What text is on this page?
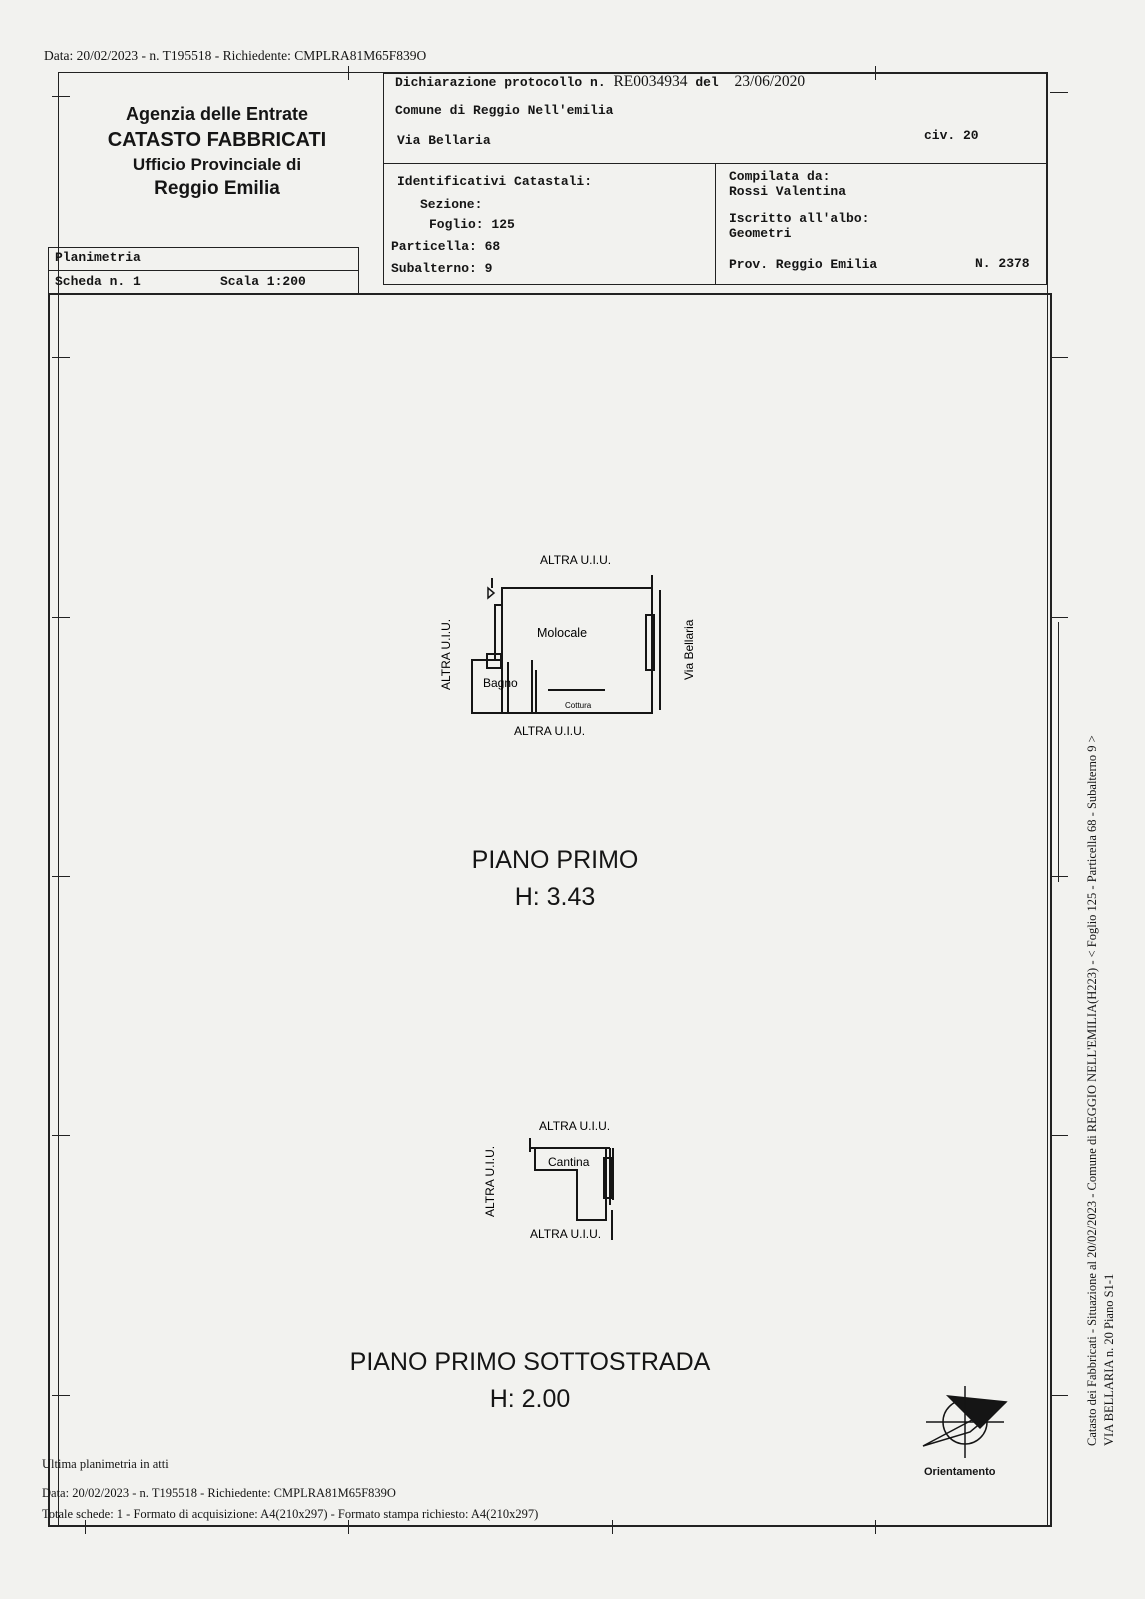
Data: 20/02/2023 - n. T195518 - Richiedente: CMPLRA81M65F839O
Agenzia delle Entrate
CATASTO FABBRICATI
Ufficio Provinciale di
Reggio Emilia
Planimetria
Scheda n. 1	Scala 1:200
Dichiarazione protocollo n. RE0034934 del 23/06/2020
Comune di Reggio Nell'emilia
Via Bellaria	civ. 20
Identificativi Catastali:
Sezione:
Foglio: 125
Particella: 68
Subalterno: 9
Compilata da:
Rossi Valentina
Iscritto all'albo:
Geometri
Prov. Reggio Emilia	N. 2378
ALTRA U.I.U.
Molocale
Bagno
Cottura
ALTRA U.I.U.
ALTRA U.I.U.	Via Bellaria
PIANO PRIMO
H: 3.43
ALTRA U.I.U.
Cantina
ALTRA U.I.U.
ALTRA U.I.U.
PIANO PRIMO SOTTOSTRADA
H: 2.00
Orientamento
Catasto dei Fabbricati - Situazione al 20/02/2023 - Comune di REGGIO NELL'EMILIA(H223) - < Foglio 125 - Particella 68 - Subalterno 9 > VIA BELLARIA n. 20 Piano S1-1
Ultima planimetria in atti
Data: 20/02/2023 - n. T195518 - Richiedente: CMPLRA81M65F839O
Totale schede: 1 - Formato di acquisizione: A4(210x297) - Formato stampa richiesto: A4(210x297)
